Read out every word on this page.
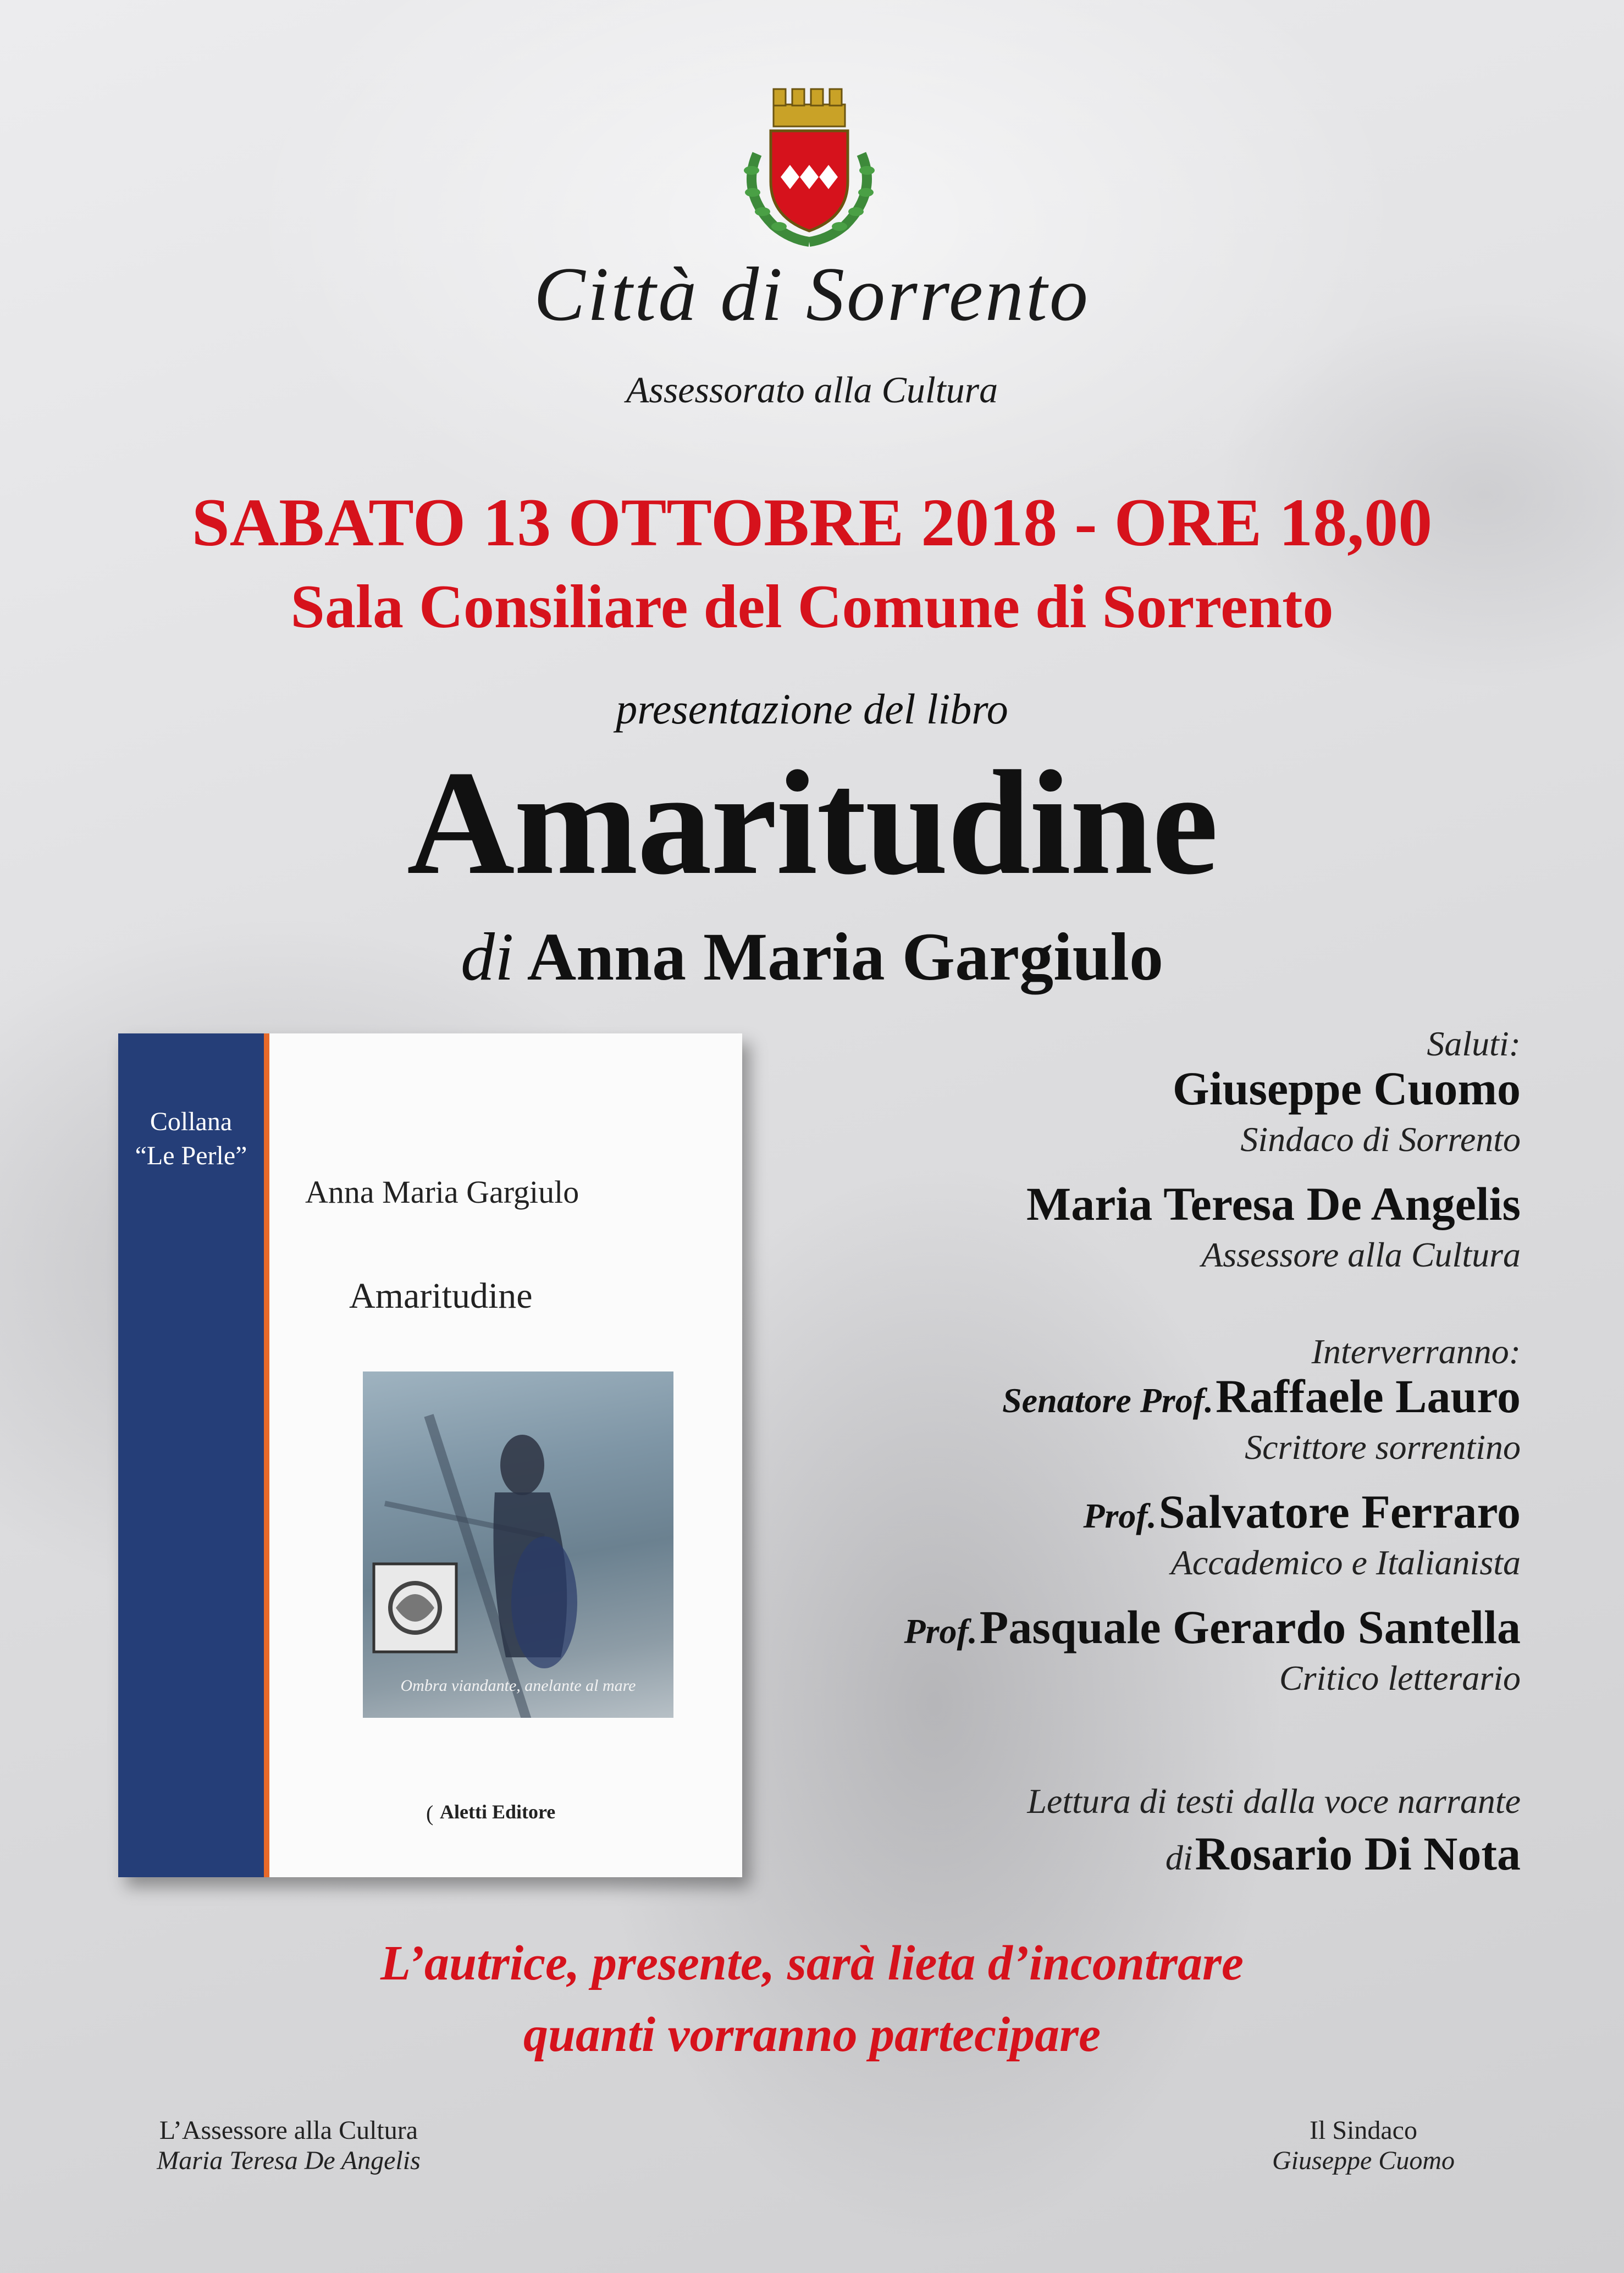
Città di Sorrento
Assessorato alla Cultura
SABATO 13 OTTOBRE 2018 - ORE 18,00
Sala Consiliare del Comune di Sorrento
presentazione del libro
Amaritudine
di Anna Maria Gargiulo
Collana
“Le Perle”
Anna Maria Gargiulo
Amaritudine
Ombra viandante, anelante al mare
( Aletti Editore
Saluti:
Giuseppe Cuomo
Sindaco di Sorrento
Maria Teresa De Angelis
Assessore alla Cultura
Interverranno:
Senatore Prof. Raffaele Lauro
Scrittore sorrentino
Prof. Salvatore Ferraro
Accademico e Italianista
Prof. Pasquale Gerardo Santella
Critico letterario
Lettura di testi dalla voce narrante
di Rosario Di Nota
L’autrice, presente, sarà lieta d’incontrare
quanti vorranno partecipare
L’Assessore alla Cultura
Maria Teresa De Angelis
Il Sindaco
Giuseppe Cuomo
